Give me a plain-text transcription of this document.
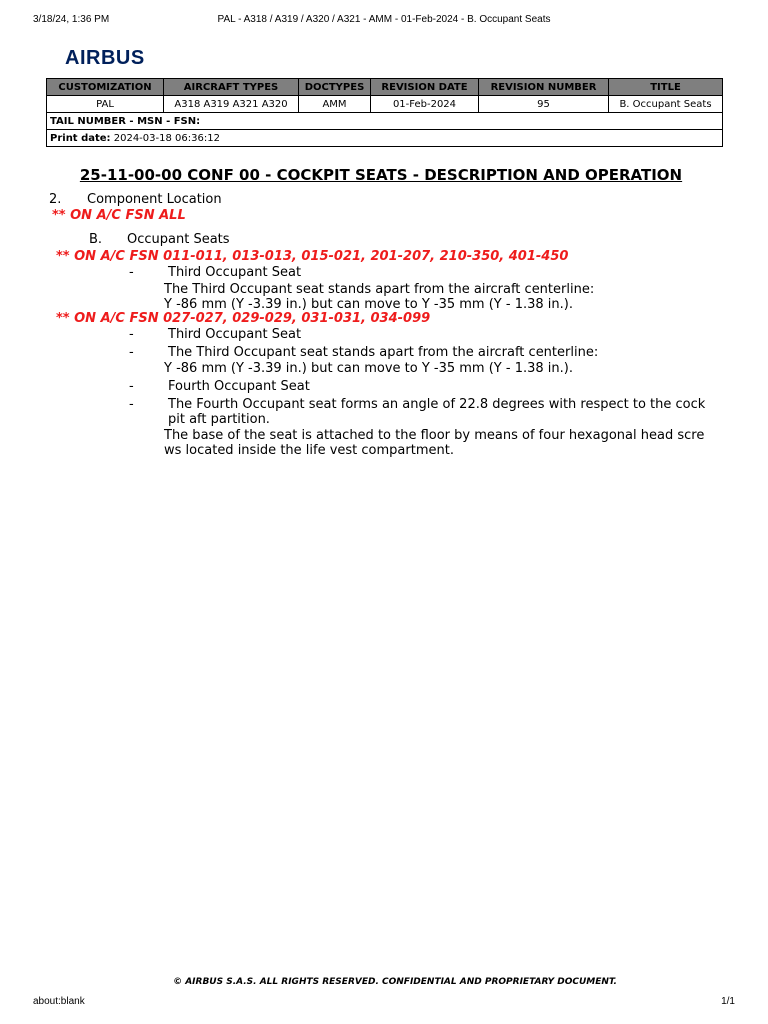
3/18/24, 1:36 PM	PAL - A318 / A319 / A320 / A321 - AMM - 01-Feb-2024 - B. Occupant Seats
AIRBUS
CUSTOMIZATION	AIRCRAFT TYPES	DOCTYPES	REVISION DATE	REVISION NUMBER	TITLE
PAL	A318 A319 A321 A320	AMM	01-Feb-2024	95	B. Occupant Seats
TAIL NUMBER - MSN - FSN:					
Print date: 2024-03-18 06:36:12					
25-11-00-00 CONF 00 - COCKPIT SEATS - DESCRIPTION AND OPERATION
2. Component Location
** ON A/C FSN ALL
B. Occupant Seats
** ON A/C FSN 011-011, 013-013, 015-021, 201-207, 210-350, 401-450
-	Third Occupant Seat
The Third Occupant seat stands apart from the aircraft centerline:
Y -86 mm (Y -3.39 in.) but can move to Y -35 mm (Y - 1.38 in.).
** ON A/C FSN 027-027, 029-029, 031-031, 034-099
-	Third Occupant Seat
-	The Third Occupant seat stands apart from the aircraft centerline:
Y -86 mm (Y -3.39 in.) but can move to Y -35 mm (Y - 1.38 in.).
-	Fourth Occupant Seat
-	The Fourth Occupant seat forms an angle of 22.8 degrees with respect to the cock
pit aft partition.
The base of the seat is attached to the floor by means of four hexagonal head scre
ws located inside the life vest compartment.
© AIRBUS S.A.S. ALL RIGHTS RESERVED. CONFIDENTIAL AND PROPRIETARY DOCUMENT.
about:blank	1/1
